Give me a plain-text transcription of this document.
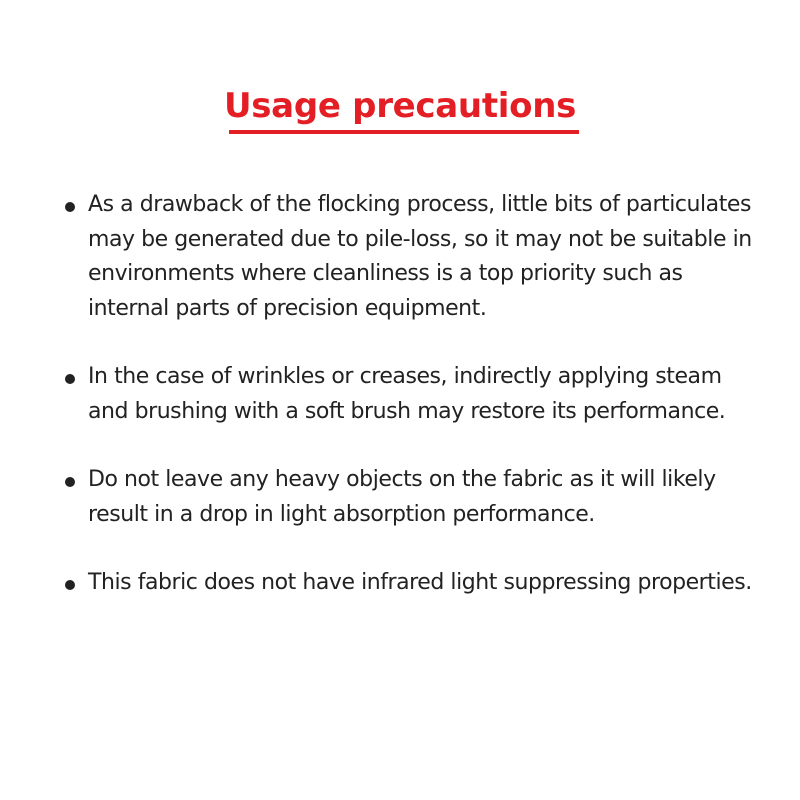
Usage precautions
As a drawback of the flocking process, little bits of particulates may be generated due to pile-loss, so it may not be suitable in environments where cleanliness is a top priority such as internal parts of precision equipment.
In the case of wrinkles or creases, indirectly applying steam and brushing with a soft brush may restore its performance.
Do not leave any heavy objects on the fabric as it will likely result in a drop in light absorption performance.
This fabric does not have infrared light suppressing properties.
